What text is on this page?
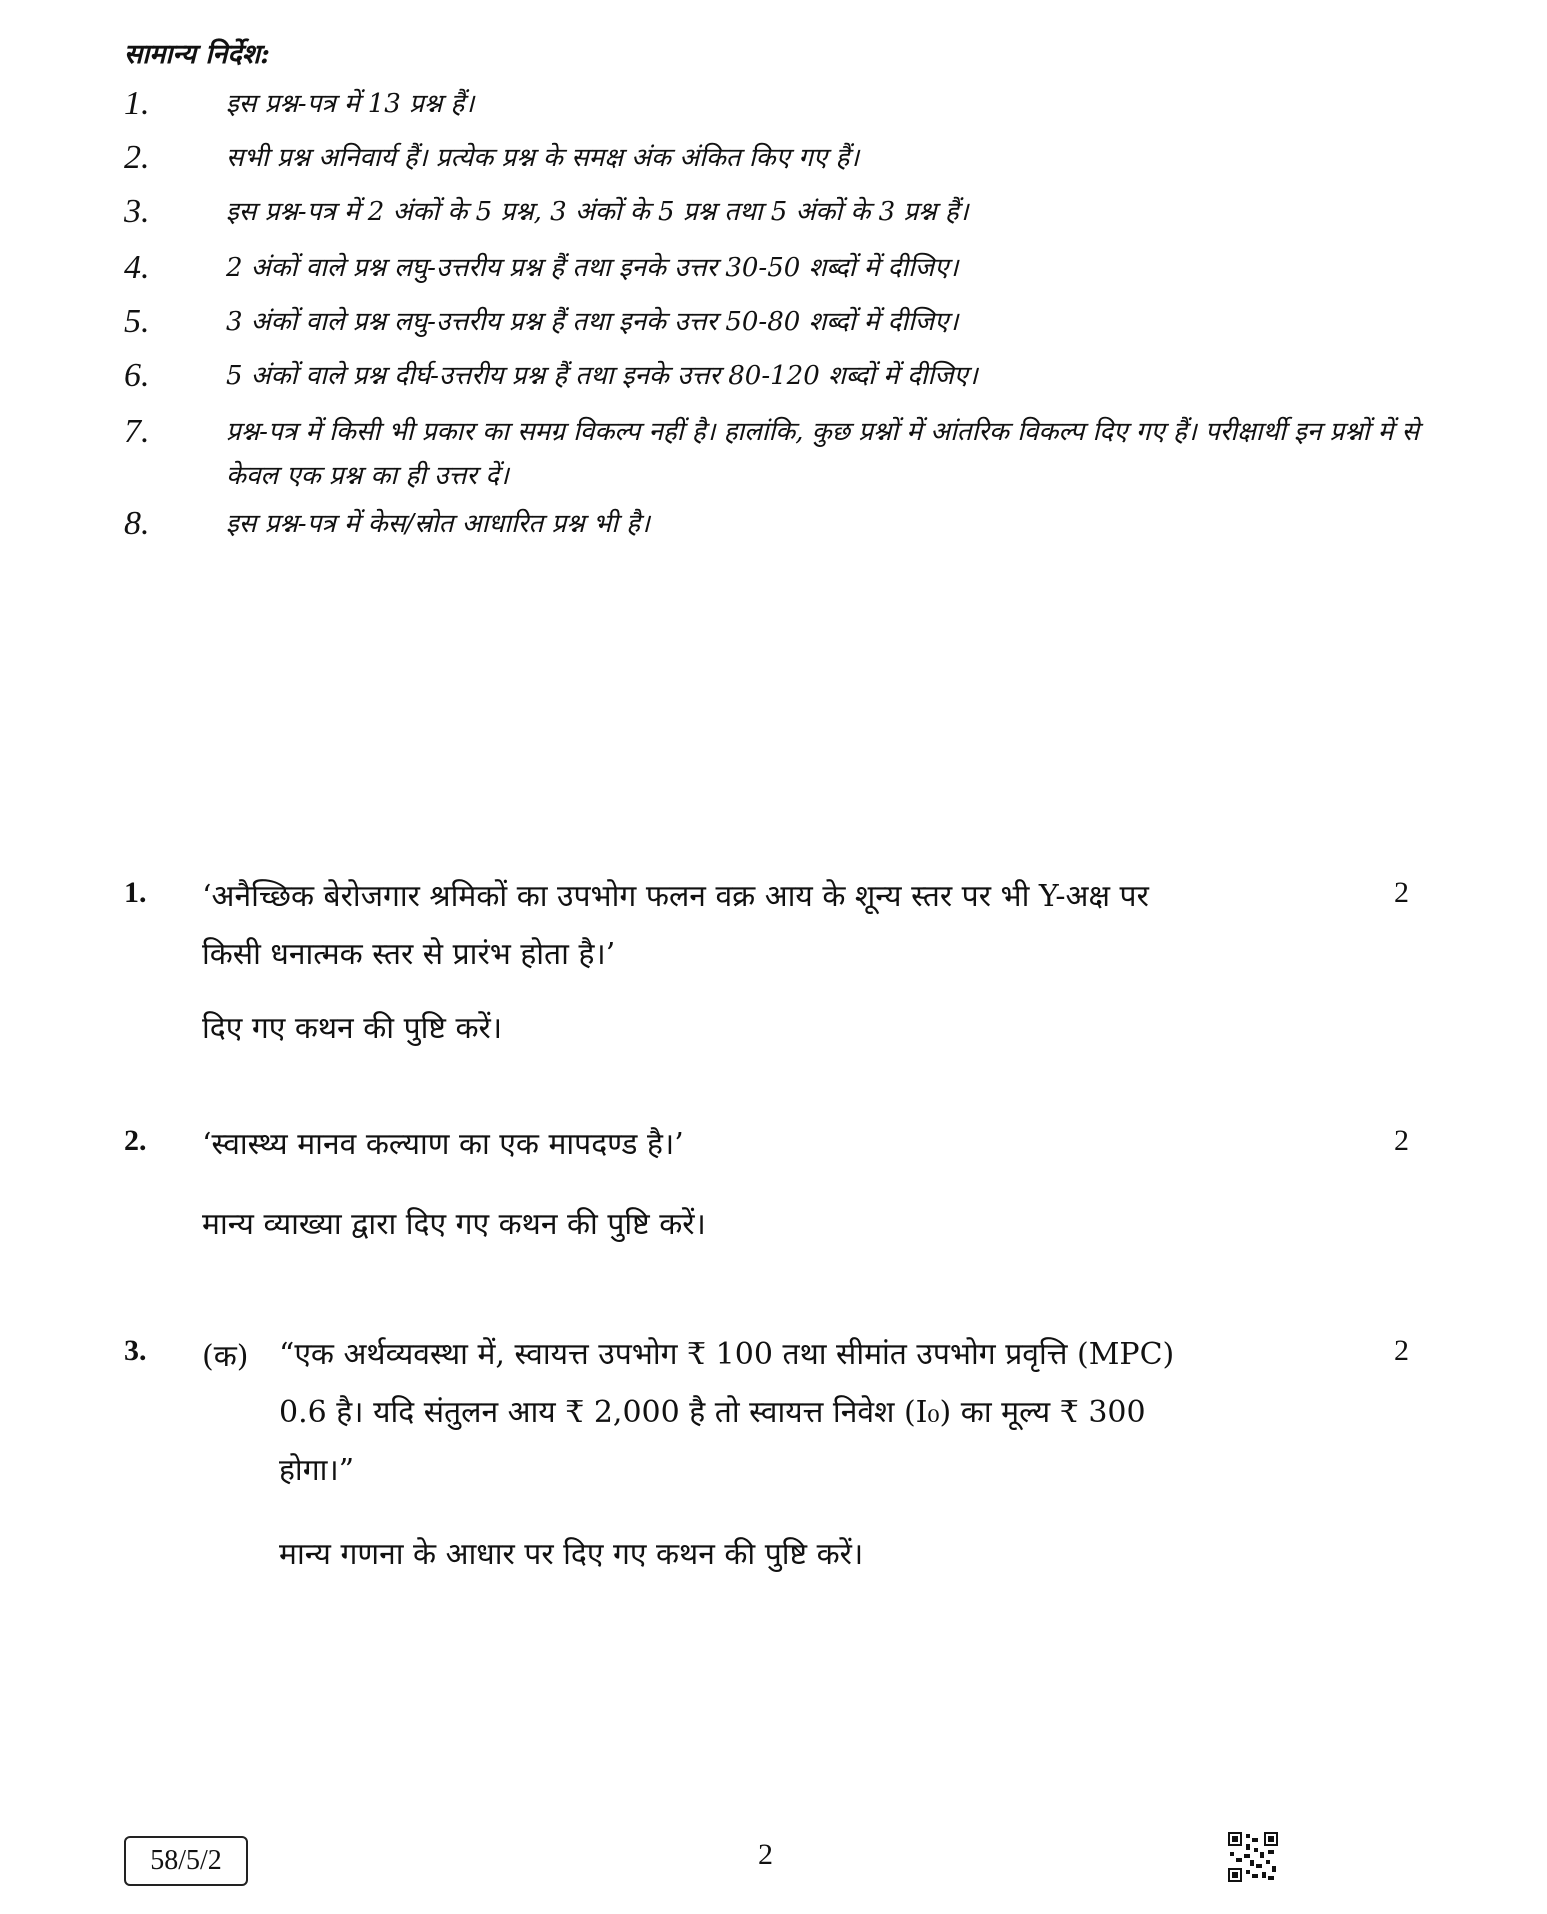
सामान्य निर्देश:
1.	इस प्रश्न-पत्र में 13 प्रश्न हैं।
2.	सभी प्रश्न अनिवार्य हैं। प्रत्येक प्रश्न के समक्ष अंक अंकित किए गए हैं।
3.	इस प्रश्न-पत्र में 2 अंकों के 5 प्रश्न, 3 अंकों के 5 प्रश्न तथा 5 अंकों के 3 प्रश्न हैं।
4.	2 अंकों वाले प्रश्न लघु-उत्तरीय प्रश्न हैं तथा इनके उत्तर 30-50 शब्दों में दीजिए।
5.	3 अंकों वाले प्रश्न लघु-उत्तरीय प्रश्न हैं तथा इनके उत्तर 50-80 शब्दों में दीजिए।
6.	5 अंकों वाले प्रश्न दीर्घ-उत्तरीय प्रश्न हैं तथा इनके उत्तर 80-120 शब्दों में दीजिए।
7.	प्रश्न-पत्र में किसी भी प्रकार का समग्र विकल्प नहीं है। हालांकि, कुछ प्रश्नों में आंतरिक विकल्प दिए गए हैं। परीक्षार्थी इन प्रश्नों में से केवल एक प्रश्न का ही उत्तर दें।
8.	इस प्रश्न-पत्र में केस/स्रोत आधारित प्रश्न भी है।
1.	2
‘अनैच्छिक बेरोजगार श्रमिकों का उपभोग फलन वक्र आय के शून्य स्तर पर भी Y-अक्ष पर
किसी धनात्मक स्तर से प्रारंभ होता है।’
दिए गए कथन की पुष्टि करें।
2.	2
‘स्वास्थ्य मानव कल्याण का एक मापदण्ड है।’
मान्य व्याख्या द्वारा दिए गए कथन की पुष्टि करें।
3.	2
(क) “एक अर्थव्यवस्था में, स्वायत्त उपभोग ₹ 100 तथा सीमांत उपभोग प्रवृत्ति (MPC)
0.6 है। यदि संतुलन आय ₹ 2,000 है तो स्वायत्त निवेश (I₀) का मूल्य ₹ 300
होगा।”
मान्य गणना के आधार पर दिए गए कथन की पुष्टि करें।
58/5/2	2
